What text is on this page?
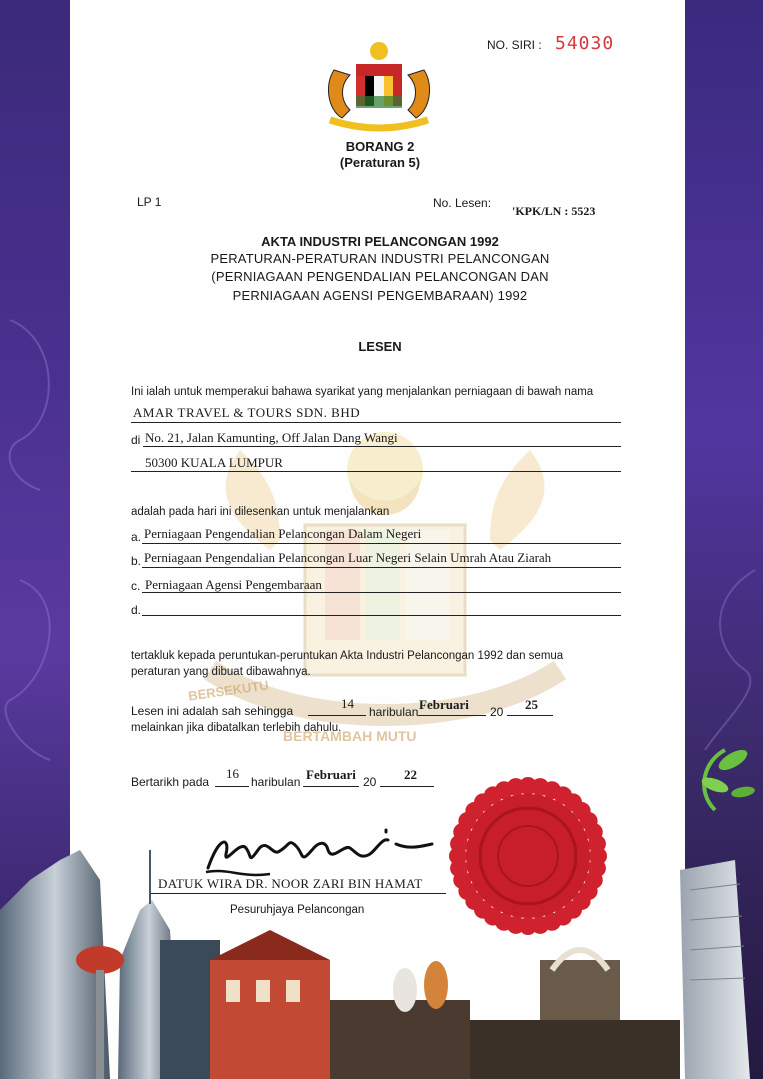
NO. SIRI : 54030
BORANG 2
(Peraturan 5)
LP 1	No. Lesen:
'KPK/LN : 5523
AKTA INDUSTRI PELANCONGAN 1992
PERATURAN-PERATURAN INDUSTRI PELANCONGAN
(PERNIAGAAN PENGENDALIAN PELANCONGAN DAN
PERNIAGAAN AGENSI PENGEMBARAAN) 1992
LESEN
Ini ialah untuk memperakui bahawa syarikat yang menjalankan perniagaan di bawah nama
AMAR TRAVEL & TOURS SDN. BHD
di No. 21, Jalan Kamunting, Off Jalan Dang Wangi
50300 KUALA LUMPUR
adalah pada hari ini dilesenkan untuk menjalankan
a. Perniagaan Pengendalian Pelancongan Dalam Negeri
b. Perniagaan Pengendalian Pelancongan Luar Negeri Selain Umrah Atau Ziarah
c. Perniagaan Agensi Pengembaraan
d.
BERSEKUTU
BERTAMBAH MUTU
tertakluk kepada peruntukan-peruntukan Akta Industri Pelancongan 1992 dan semua
peraturan yang dibuat dibawahnya.
Lesen ini adalah sah sehingga	14
haribulan Februari 20 25
melainkan jika dibatalkan terlebih dahulu.
Bertarikh pada
16
haribulan Februari 20 22
DATUK WIRA DR. NOOR ZARI BIN HAMAT
Pesuruhjaya Pelancongan
